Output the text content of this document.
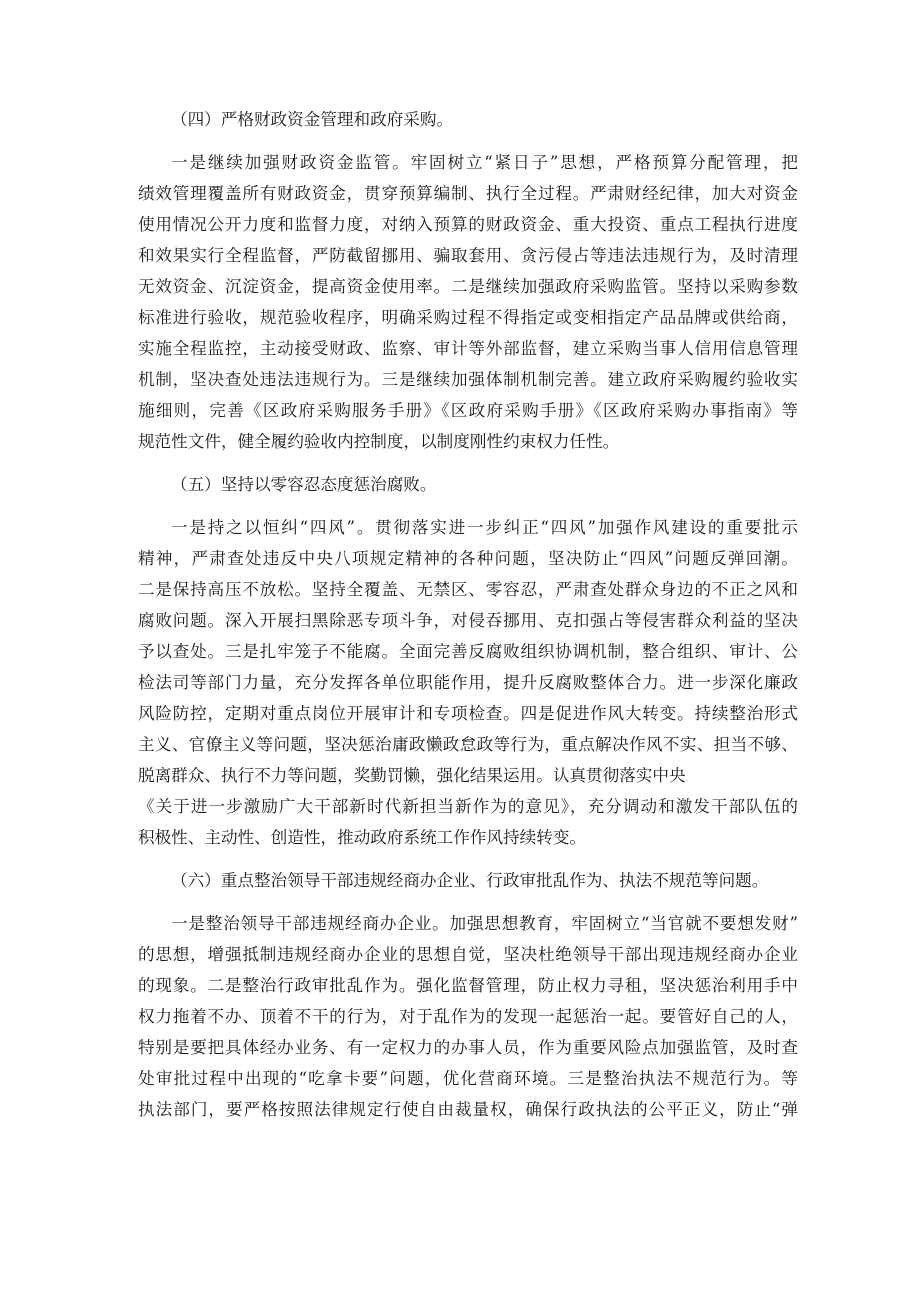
（四）严格财政资金管理和政府采购。
一是继续加强财政资金监管。牢固树立“紧日子”思想，严格预算分配管理，把
绩效管理覆盖所有财政资金，贯穿预算编制、执行全过程。严肃财经纪律，加大对资金
使用情况公开力度和监督力度，对纳入预算的财政资金、重大投资、重点工程执行进度
和效果实行全程监督，严防截留挪用、骗取套用、贪污侵占等违法违规行为，及时清理
无效资金、沉淀资金，提高资金使用率。二是继续加强政府采购监管。坚持以采购参数
标准进行验收，规范验收程序，明确采购过程不得指定或变相指定产品品牌或供给商，
实施全程监控，主动接受财政、监察、审计等外部监督，建立采购当事人信用信息管理
机制，坚决查处违法违规行为。三是继续加强体制机制完善。建立政府采购履约验收实
施细则，完善《区政府采购服务手册》《区政府采购手册》《区政府采购办事指南》等
规范性文件，健全履约验收内控制度，以制度刚性约束权力任性。
（五）坚持以零容忍态度惩治腐败。
一是持之以恒纠“四风”。贯彻落实进一步纠正“四风”加强作风建设的重要批示
精神，严肃查处违反中央八项规定精神的各种问题，坚决防止“四风”问题反弹回潮。
二是保持高压不放松。坚持全覆盖、无禁区、零容忍，严肃查处群众身边的不正之风和
腐败问题。深入开展扫黑除恶专项斗争，对侵吞挪用、克扣强占等侵害群众利益的坚决
予以查处。三是扎牢笼子不能腐。全面完善反腐败组织协调机制，整合组织、审计、公
检法司等部门力量，充分发挥各单位职能作用，提升反腐败整体合力。进一步深化廉政
风险防控，定期对重点岗位开展审计和专项检查。四是促进作风大转变。持续整治形式
主义、官僚主义等问题，坚决惩治庸政懒政怠政等行为，重点解决作风不实、担当不够、
脱离群众、执行不力等问题，奖勤罚懒，强化结果运用。认真贯彻落实中央
《关于进一步激励广大干部新时代新担当新作为的意见》，充分调动和激发干部队伍的
积极性、主动性、创造性，推动政府系统工作作风持续转变。
（六）重点整治领导干部违规经商办企业、行政审批乱作为、执法不规范等问题。
一是整治领导干部违规经商办企业。加强思想教育，牢固树立“当官就不要想发财”
的思想，增强抵制违规经商办企业的思想自觉，坚决杜绝领导干部出现违规经商办企业
的现象。二是整治行政审批乱作为。强化监督管理，防止权力寻租，坚决惩治利用手中
权力拖着不办、顶着不干的行为，对于乱作为的发现一起惩治一起。要管好自己的人，
特别是要把具体经办业务、有一定权力的办事人员，作为重要风险点加强监管，及时查
处审批过程中出现的“吃拿卡要”问题，优化营商环境。三是整治执法不规范行为。等
执法部门，要严格按照法律规定行使自由裁量权，确保行政执法的公平正义，防止“弹
